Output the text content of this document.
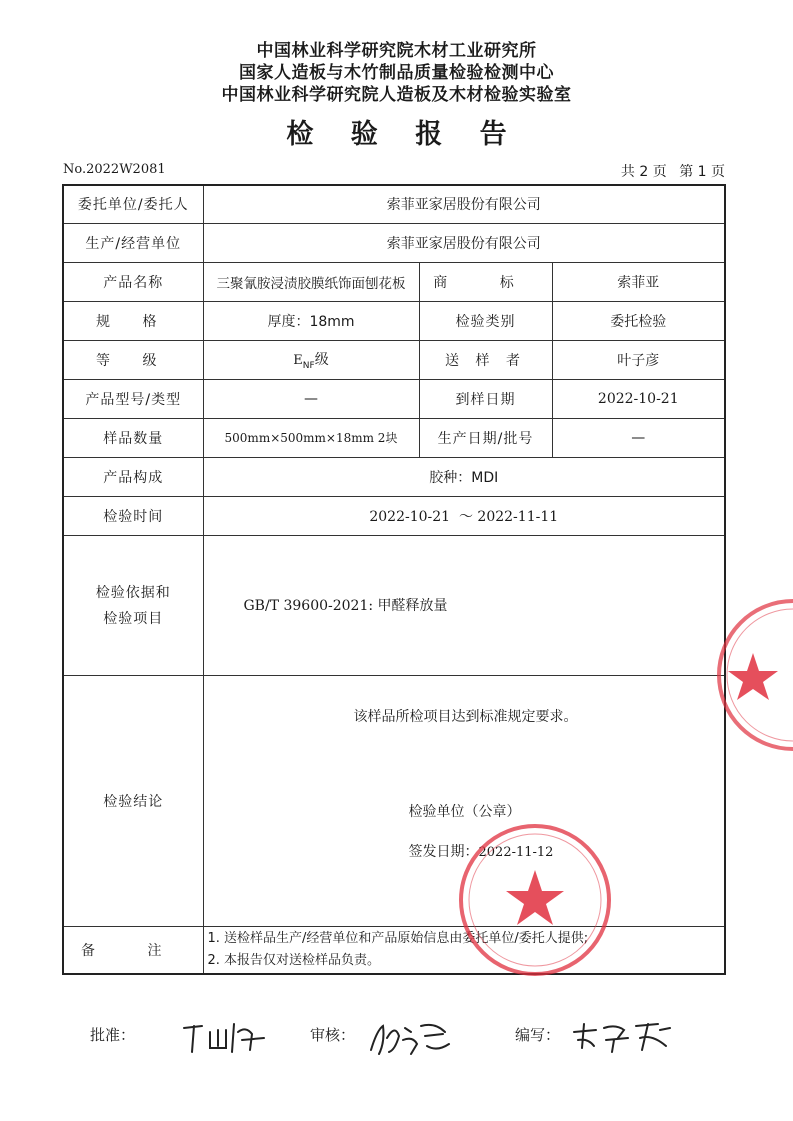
中国林业科学研究院木材工业研究所
国家人造板与木竹制品质量检验检测中心
中国林业科学研究院人造板及木材检验实验室
检 验 报 告
No.2022W2081	共 2 页 第 1 页
委托单位/委托人	索菲亚家居股份有限公司		
生产/经营单位	索菲亚家居股份有限公司		
产品名称	三聚氰胺浸渍胶膜纸饰面刨花板	商 标	索菲亚
规 格	厚度：18mm	检验类别	委托检验
等 级	$E_{NF}$级	送 样 者	叶子彦
产品型号/类型	—	到样日期	2022-10-21
样品数量	500mm×500mm×18mm 2块	生产日期/批号	—
产品构成	胶种：MDI		
检验时间	2022-10-21  ～ 2022-11-11		

检验依据和
检验项目	GB/T 39600-2021: 甲醛释放量		
检验结论	该样品所检项目达到标准规定要求。
检验单位（公章）
签发日期：2022-11-12		

备 注	1. 送检样品生产/经营单位和产品原始信息由委托单位/委托人提供;
2. 本报告仅对送检样品负责。		
批准：	审核：	编写：
